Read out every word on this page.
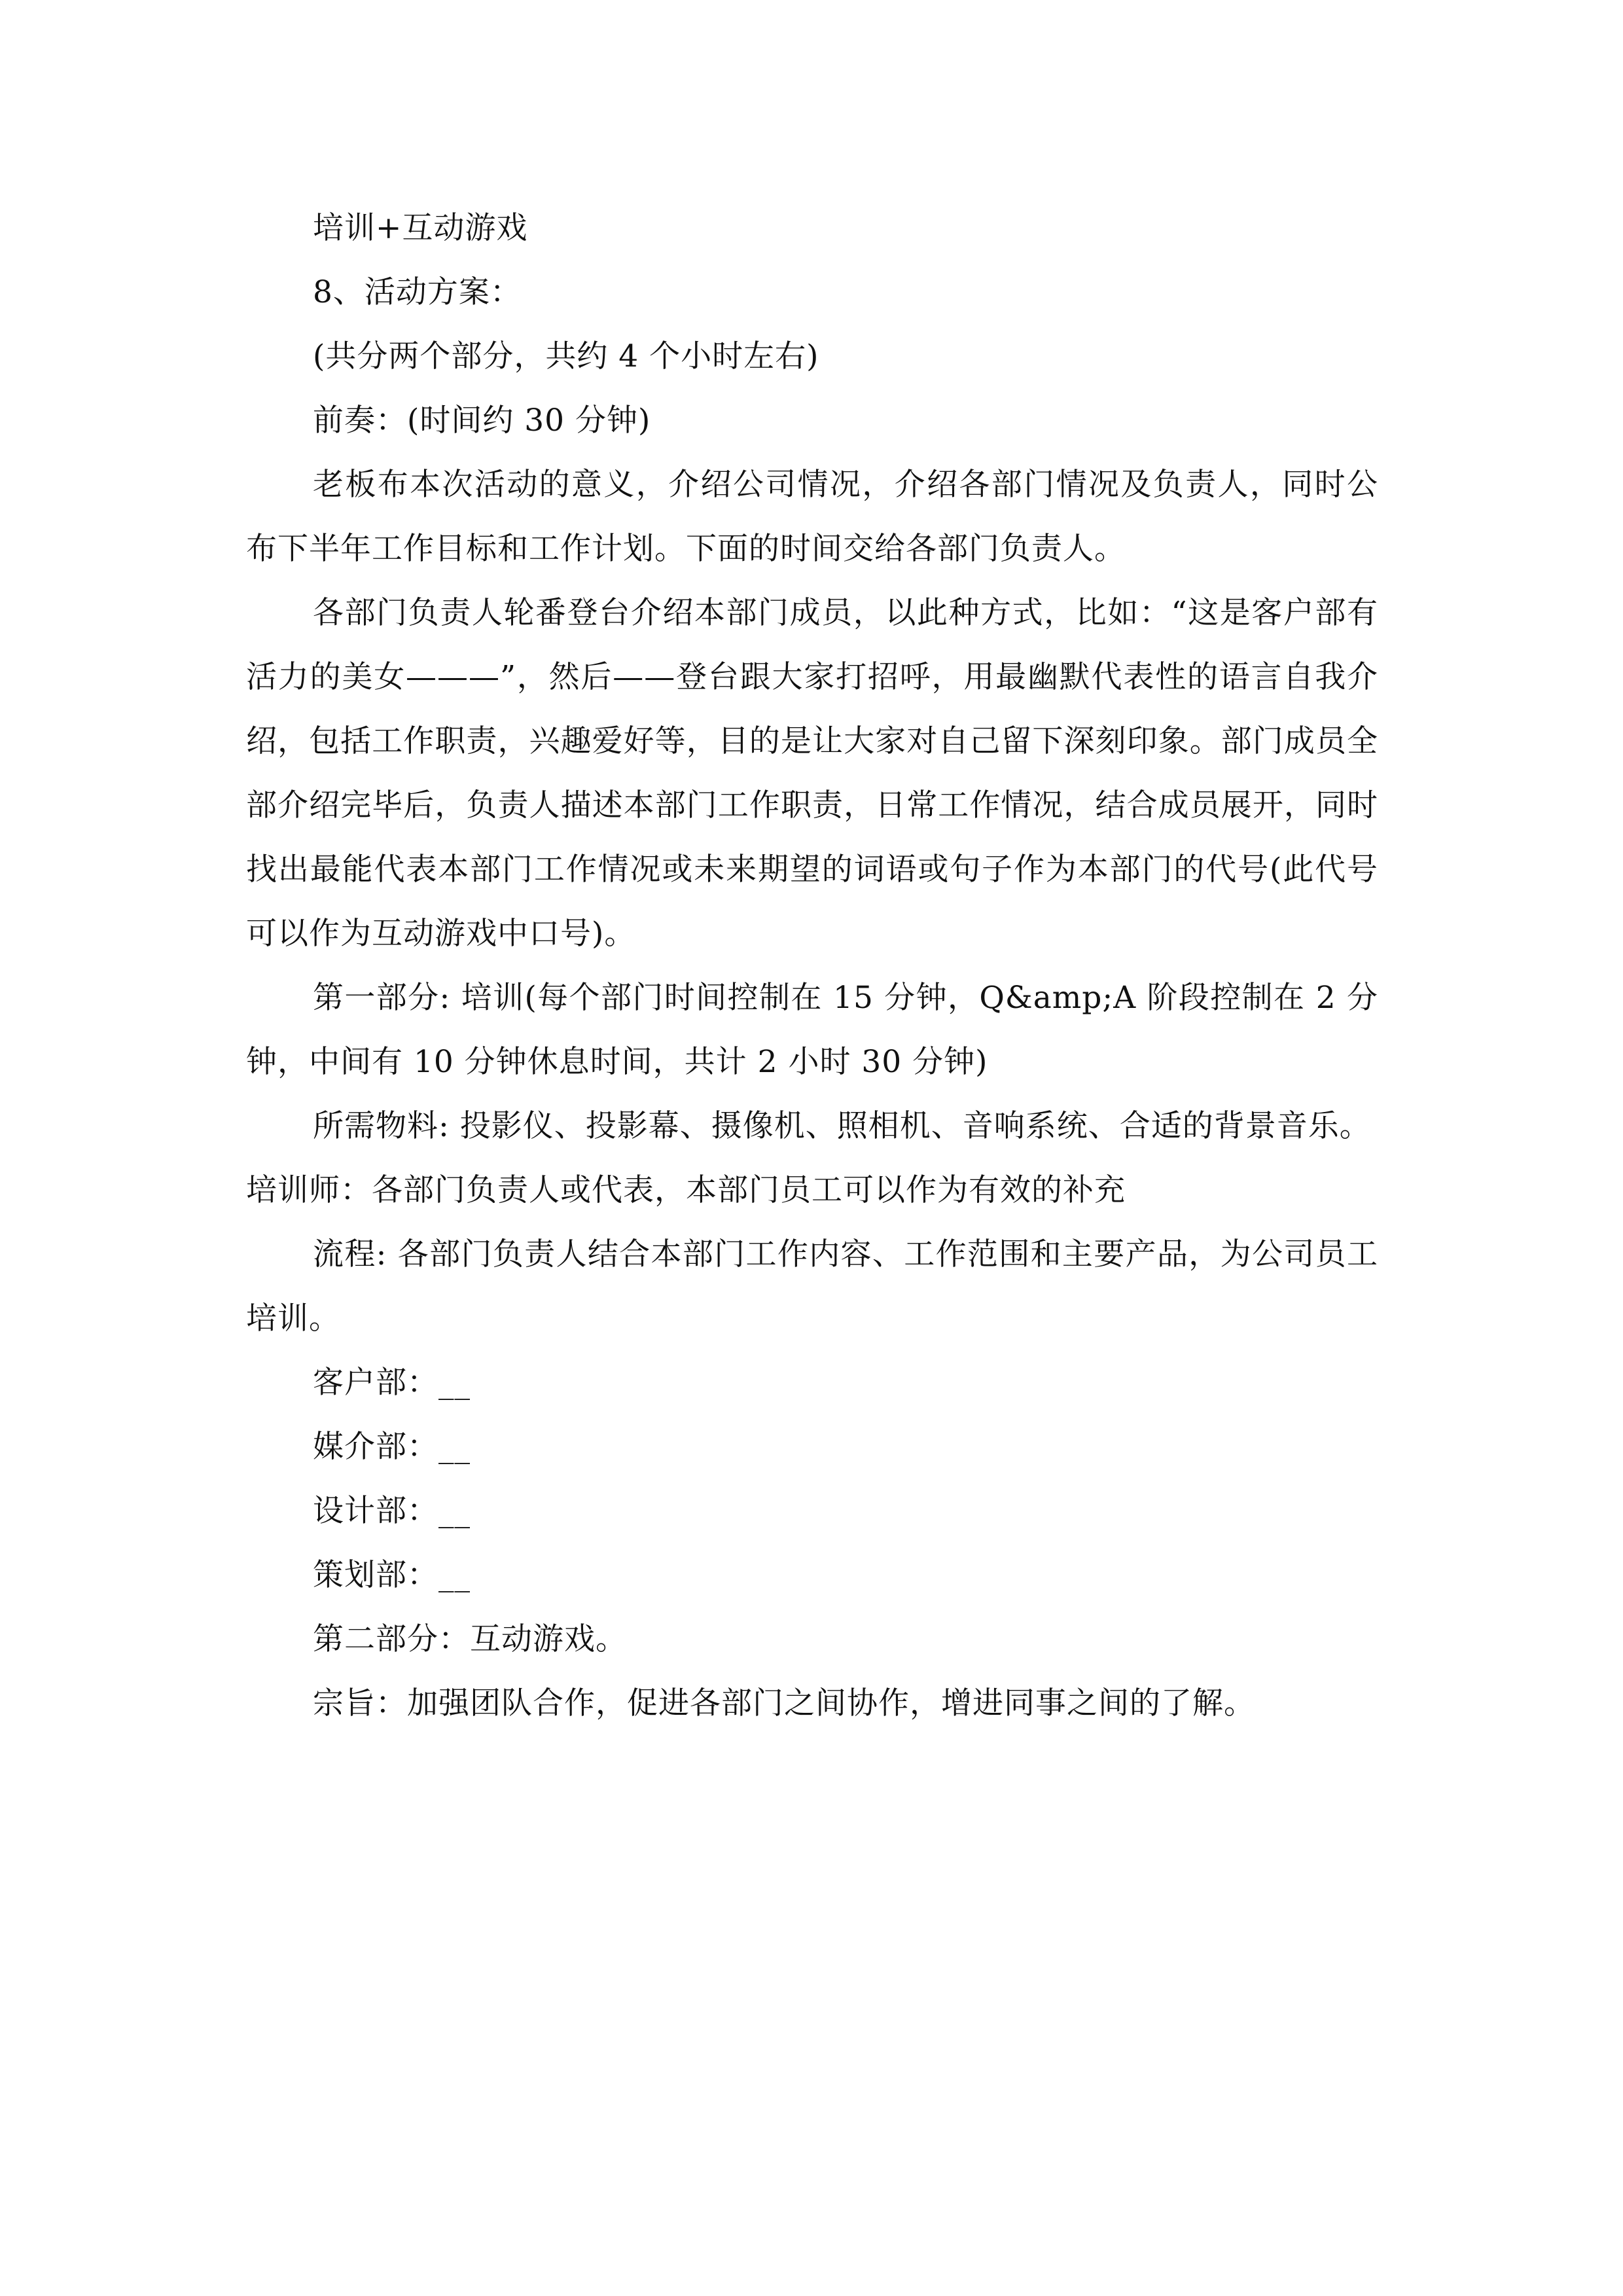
培训+互动游戏

8、活动方案：

(共分两个部分，共约 4 个小时左右)

前奏：(时间约 30 分钟)

老板布本次活动的意义，介绍公司情况，介绍各部门情况及负责人，同时公布下半年工作目标和工作计划。下面的时间交给各部门负责人。

各部门负责人轮番登台介绍本部门成员，以此种方式，比如：“这是客户部有活力的美女———”，然后——登台跟大家打招呼，用最幽默代表性的语言自我介绍，包括工作职责，兴趣爱好等，目的是让大家对自己留下深刻印象。部门成员全部介绍完毕后，负责人描述本部门工作职责，日常工作情况，结合成员展开，同时找出最能代表本部门工作情况或未来期望的词语或句子作为本部门的代号(此代号可以作为互动游戏中口号)。

第一部分: 培训(每个部门时间控制在 15 分钟，Q&amp;A 阶段控制在 2 分钟，中间有 10 分钟休息时间，共计 2 小时 30 分钟)

所需物料: 投影仪、投影幕、摄像机、照相机、音响系统、合适的背景音乐。

培训师：各部门负责人或代表，本部门员工可以作为有效的补充

流程: 各部门负责人结合本部门工作内容、工作范围和主要产品，为公司员工培训。

客户部：__

媒介部：__

设计部：__

策划部：__

第二部分：互动游戏。

宗旨：加强团队合作，促进各部门之间协作，增进同事之间的了解。
